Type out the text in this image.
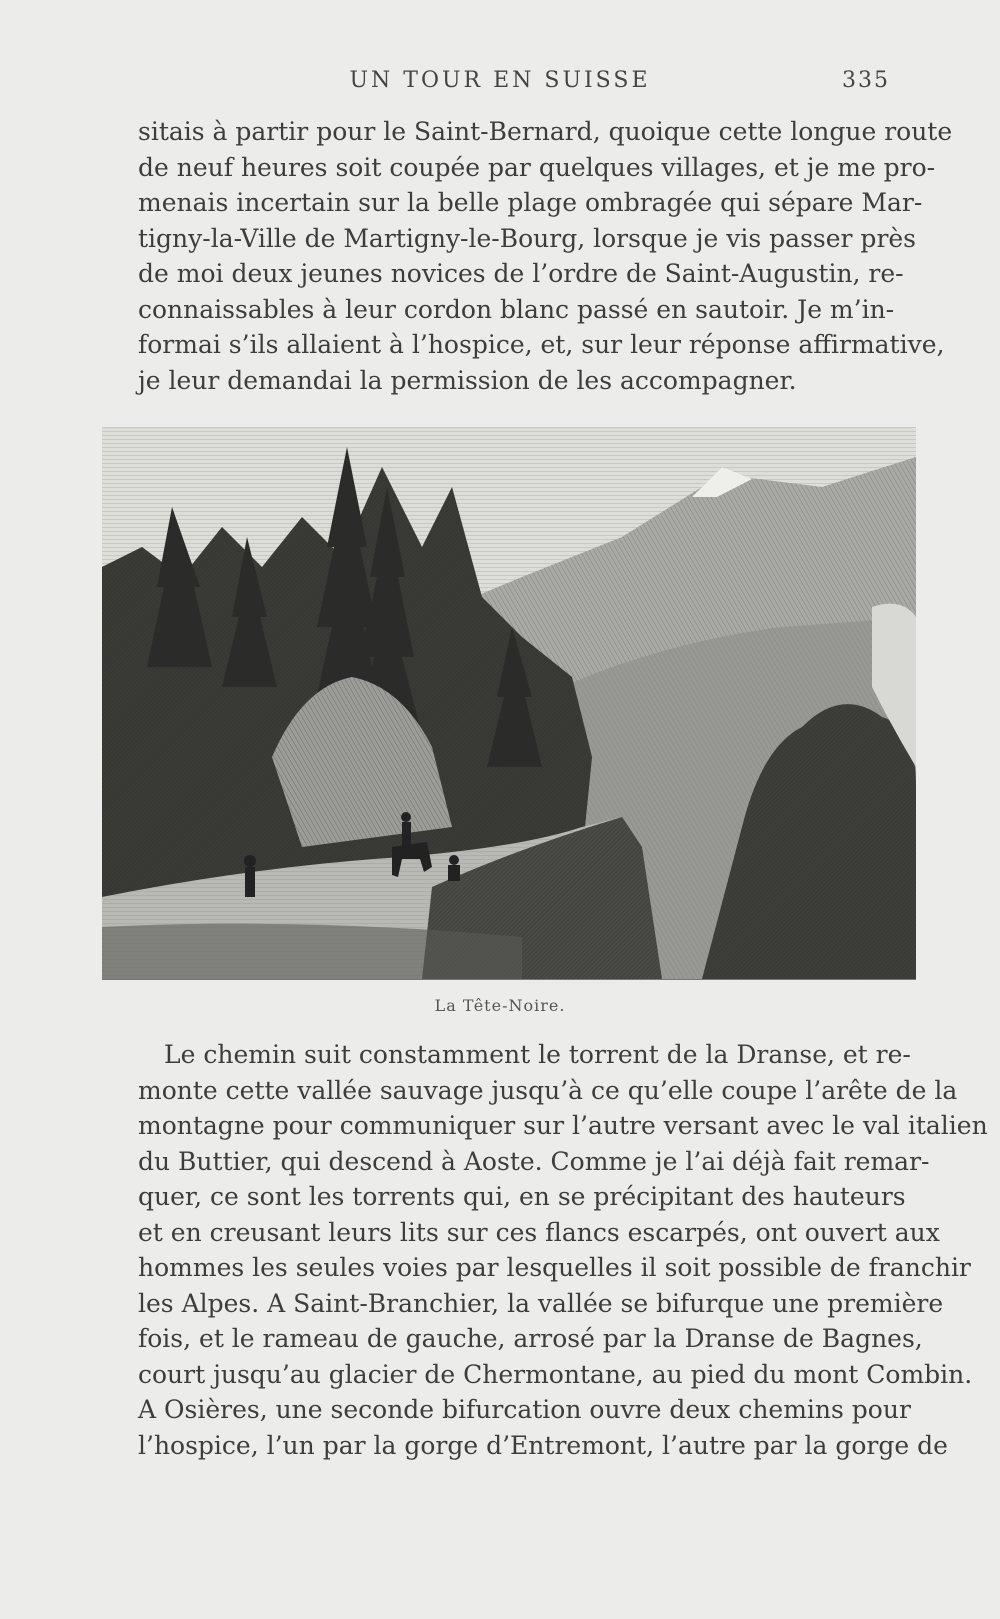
UN TOUR EN SUISSE	335
sitais à partir pour le Saint-Bernard, quoique cette longue route
de neuf heures soit coupée par quelques villages, et je me pro-
menais incertain sur la belle plage ombragée qui sépare Mar-
tigny-la-Ville de Martigny-le-Bourg, lorsque je vis passer près
de moi deux jeunes novices de l’ordre de Saint-Augustin, re-
connaissables à leur cordon blanc passé en sautoir. Je m’in-
formai s’ils allaient à l’hospice, et, sur leur réponse affirmative,
je leur demandai la permission de les accompagner.
La Tête-Noire.
Le chemin suit constamment le torrent de la Dranse, et re-
monte cette vallée sauvage jusqu’à ce qu’elle coupe l’arête de la
montagne pour communiquer sur l’autre versant avec le val italien
du Buttier, qui descend à Aoste. Comme je l’ai déjà fait remar-
quer, ce sont les torrents qui, en se précipitant des hauteurs
et en creusant leurs lits sur ces flancs escarpés, ont ouvert aux
hommes les seules voies par lesquelles il soit possible de franchir
les Alpes. A Saint-Branchier, la vallée se bifurque une première
fois, et le rameau de gauche, arrosé par la Dranse de Bagnes,
court jusqu’au glacier de Chermontane, au pied du mont Combin.
A Osières, une seconde bifurcation ouvre deux chemins pour
l’hospice, l’un par la gorge d’Entremont, l’autre par la gorge de
